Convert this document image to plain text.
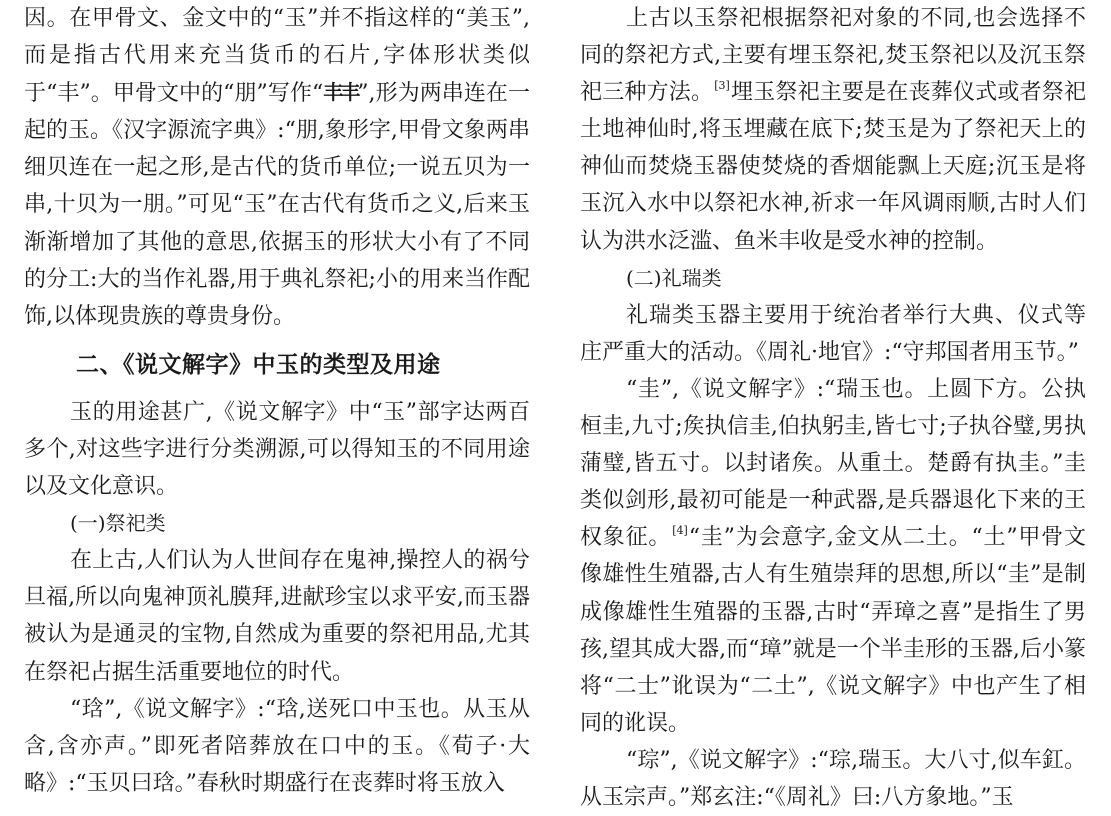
因。在甲骨文、金文中的“玉”并不指这样的“美玉”,而是指古代用来充当货币的石片,字体形状类似于“丰”。甲骨文中的“朋”写作“丰丰”,形为两串连在一起的玉。《汉字源流字典》:“朋,象形字,甲骨文象两串细贝连在一起之形,是古代的货币单位;一说五贝为一串,十贝为一朋。”可见“玉”在古代有货币之义,后来玉渐渐增加了其他的意思,依据玉的形状大小有了不同的分工:大的当作礼器,用于典礼祭祀;小的用来当作配饰,以体现贵族的尊贵身份。

二、《说文解字》中玉的类型及用途

玉的用途甚广,《说文解字》中“玉”部字达两百多个,对这些字进行分类溯源,可以得知玉的不同用途以及文化意识。

(一)祭祀类

在上古,人们认为人世间存在鬼神,操控人的祸兮旦福,所以向鬼神顶礼膜拜,进献珍宝以求平安,而玉器被认为是通灵的宝物,自然成为重要的祭祀用品,尤其在祭祀占据生活重要地位的时代。

“琀”,《说文解字》:“琀,送死口中玉也。从玉从含,含亦声。”即死者陪葬放在口中的玉。《荀子·大略》:“玉贝曰琀。”春秋时期盛行在丧葬时将玉放入

上古以玉祭祀根据祭祀对象的不同,也会选择不同的祭祀方式,主要有埋玉祭祀,焚玉祭祀以及沉玉祭祀三种方法。[3]埋玉祭祀主要是在丧葬仪式或者祭祀土地神仙时,将玉埋藏在底下;焚玉是为了祭祀天上的神仙而焚烧玉器使焚烧的香烟能飘上天庭;沉玉是将玉沉入水中以祭祀水神,祈求一年风调雨顺,古时人们认为洪水泛滥、鱼米丰收是受水神的控制。

(二)礼瑞类

礼瑞类玉器主要用于统治者举行大典、仪式等庄严重大的活动。《周礼·地官》:“守邦国者用玉节。”

“圭”,《说文解字》:“瑞玉也。上圆下方。公执桓圭,九寸;矦执信圭,伯执躬圭,皆七寸;子执谷璧,男执蒲璧,皆五寸。以封诸矦。从重土。楚爵有执圭。”圭类似剑形,最初可能是一种武器,是兵器退化下来的王权象征。[4]“圭”为会意字,金文从二土。“土”甲骨文像雄性生殖器,古人有生殖崇拜的思想,所以“圭”是制成像雄性生殖器的玉器,古时“弄璋之喜”是指生了男孩,望其成大器,而“璋”就是一个半圭形的玉器,后小篆将“二士”讹误为“二土”,《说文解字》中也产生了相同的讹误。

“琮”,《说文解字》:“琮,瑞玉。大八寸,似车釭。从玉宗声。”郑玄注:“《周礼》曰:八方象地。”玉
